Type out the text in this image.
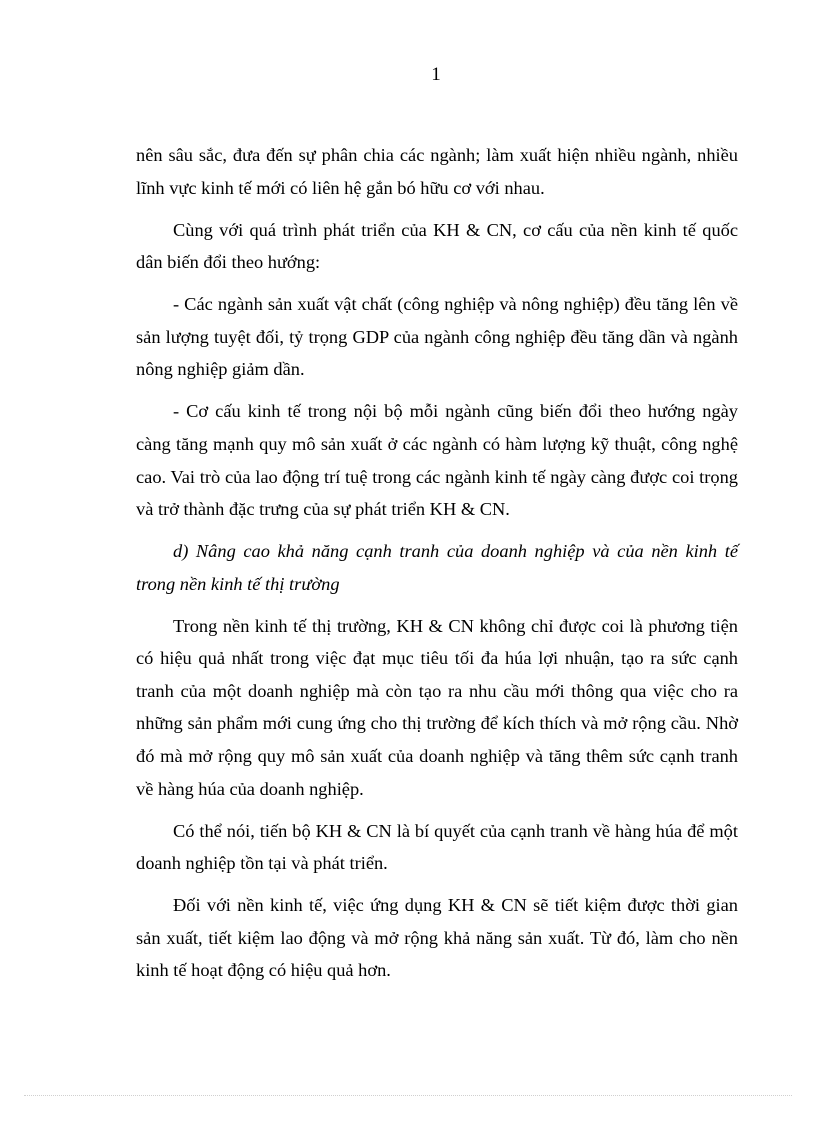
1

nên sâu sắc, đưa đến sự phân chia các ngành; làm xuất hiện nhiều ngành, nhiều lĩnh vực kinh tế mới có liên hệ gắn bó hữu cơ với nhau.

Cùng với quá trình phát triển của KH & CN, cơ cấu của nền kinh tế quốc dân biến đổi theo hướng:

- Các ngành sản xuất vật chất (công nghiệp và nông nghiệp) đều tăng lên về sản lượng tuyệt đối, tỷ trọng GDP của ngành công nghiệp đều tăng dần và ngành nông nghiệp giảm dần.

- Cơ cấu kinh tế trong nội bộ mỗi ngành cũng biến đổi theo hướng ngày càng tăng mạnh quy mô sản xuất ở các ngành có hàm lượng kỹ thuật, công nghệ cao. Vai trò của lao động trí tuệ trong các ngành kinh tế ngày càng được coi trọng và trở thành đặc trưng của sự phát triển KH & CN.

d) Nâng cao khả năng cạnh tranh của doanh nghiệp và của nền kinh tế trong nền kinh tế thị trường

Trong nền kinh tế thị trường, KH & CN không chỉ được coi là phương tiện có hiệu quả nhất trong việc đạt mục tiêu tối đa húa lợi nhuận, tạo ra sức cạnh tranh của một doanh nghiệp mà còn tạo ra nhu cầu mới thông qua việc cho ra những sản phẩm mới cung ứng cho thị trường để kích thích và mở rộng cầu. Nhờ đó mà mở rộng quy mô sản xuất của doanh nghiệp và tăng thêm sức cạnh tranh về hàng húa của doanh nghiệp.

Có thể nói, tiến bộ KH & CN là bí quyết của cạnh tranh về hàng húa để một doanh nghiệp tồn tại và phát triển.

Đối với nền kinh tế, việc ứng dụng KH & CN sẽ tiết kiệm được thời gian sản xuất, tiết kiệm lao động và mở rộng khả năng sản xuất. Từ đó, làm cho nền kinh tế hoạt động có hiệu quả hơn.
